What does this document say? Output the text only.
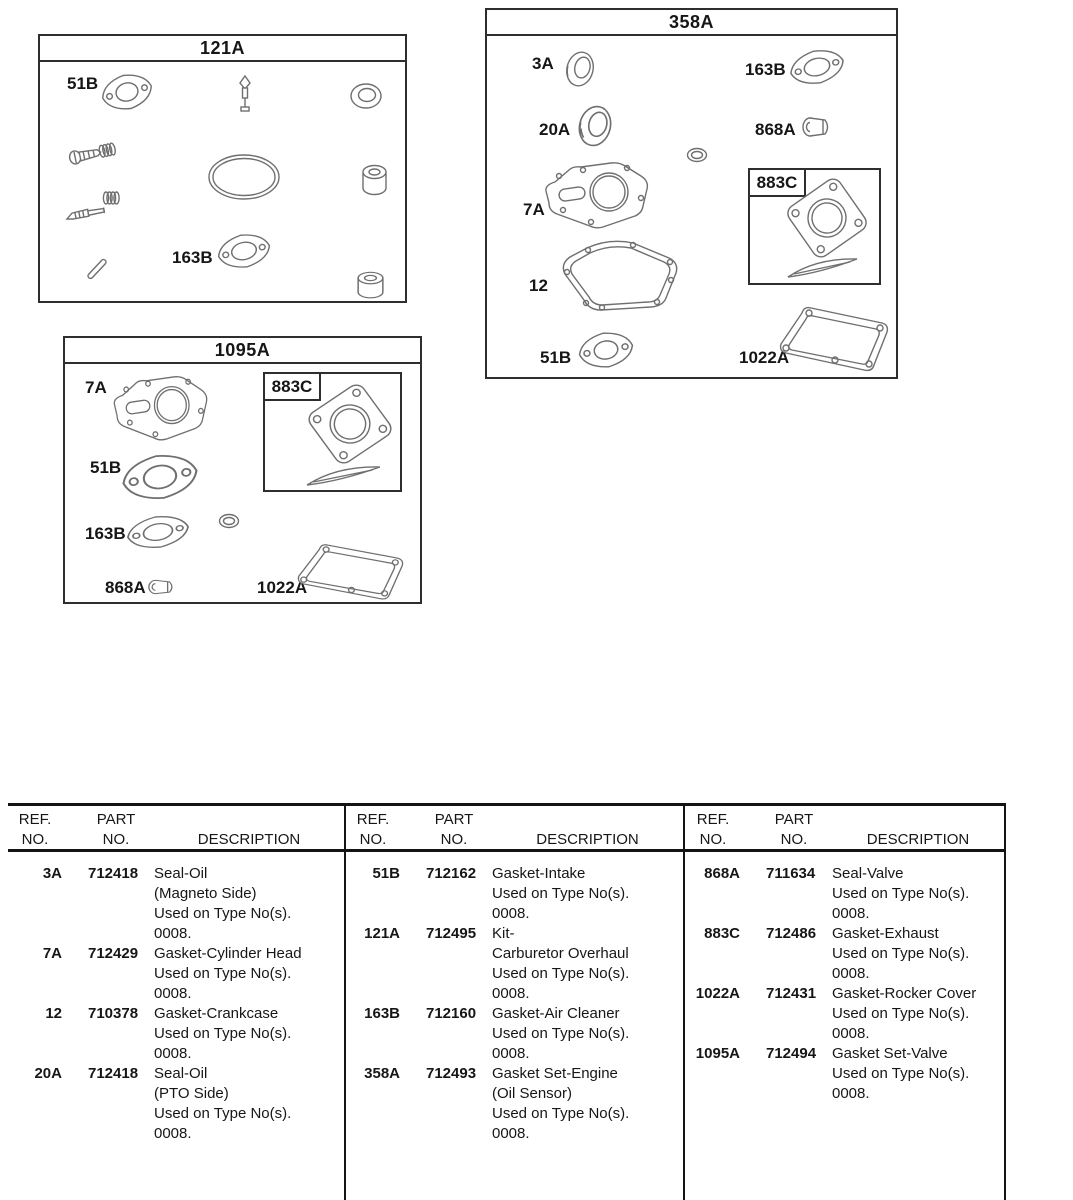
121A
51B
163B
358A
3A	163B
20A	868A
7A
883C
12
51B	1022A
1095A
7A	883C
51B
163B
868A	1022A
REF.
NO.
PART
NO.
	DESCRIPTION
3A	712418	Seal-Oil
(Magneto Side)
Used on Type No(s).
0008.
7A	712429	Gasket-Cylinder Head
Used on Type No(s).
0008.
12	710378	Gasket-Crankcase
Used on Type No(s).
0008.
20A	712418	Seal-Oil
(PTO Side)
Used on Type No(s).
0008.
REF.
NO.
PART
NO.
	DESCRIPTION
51B	712162	Gasket-Intake
Used on Type No(s).
0008.
121A	712495	Kit-
Carburetor Overhaul
Used on Type No(s).
0008.
163B	712160	Gasket-Air Cleaner
Used on Type No(s).
0008.
358A	712493	Gasket Set-Engine
(Oil Sensor)
Used on Type No(s).
0008.
REF.
NO.
PART
NO.
	DESCRIPTION
868A	711634	Seal-Valve
Used on Type No(s).
0008.
883C	712486	Gasket-Exhaust
Used on Type No(s).
0008.
1022A	712431	Gasket-Rocker Cover
Used on Type No(s).
0008.
1095A	712494	Gasket Set-Valve
Used on Type No(s).
0008.
